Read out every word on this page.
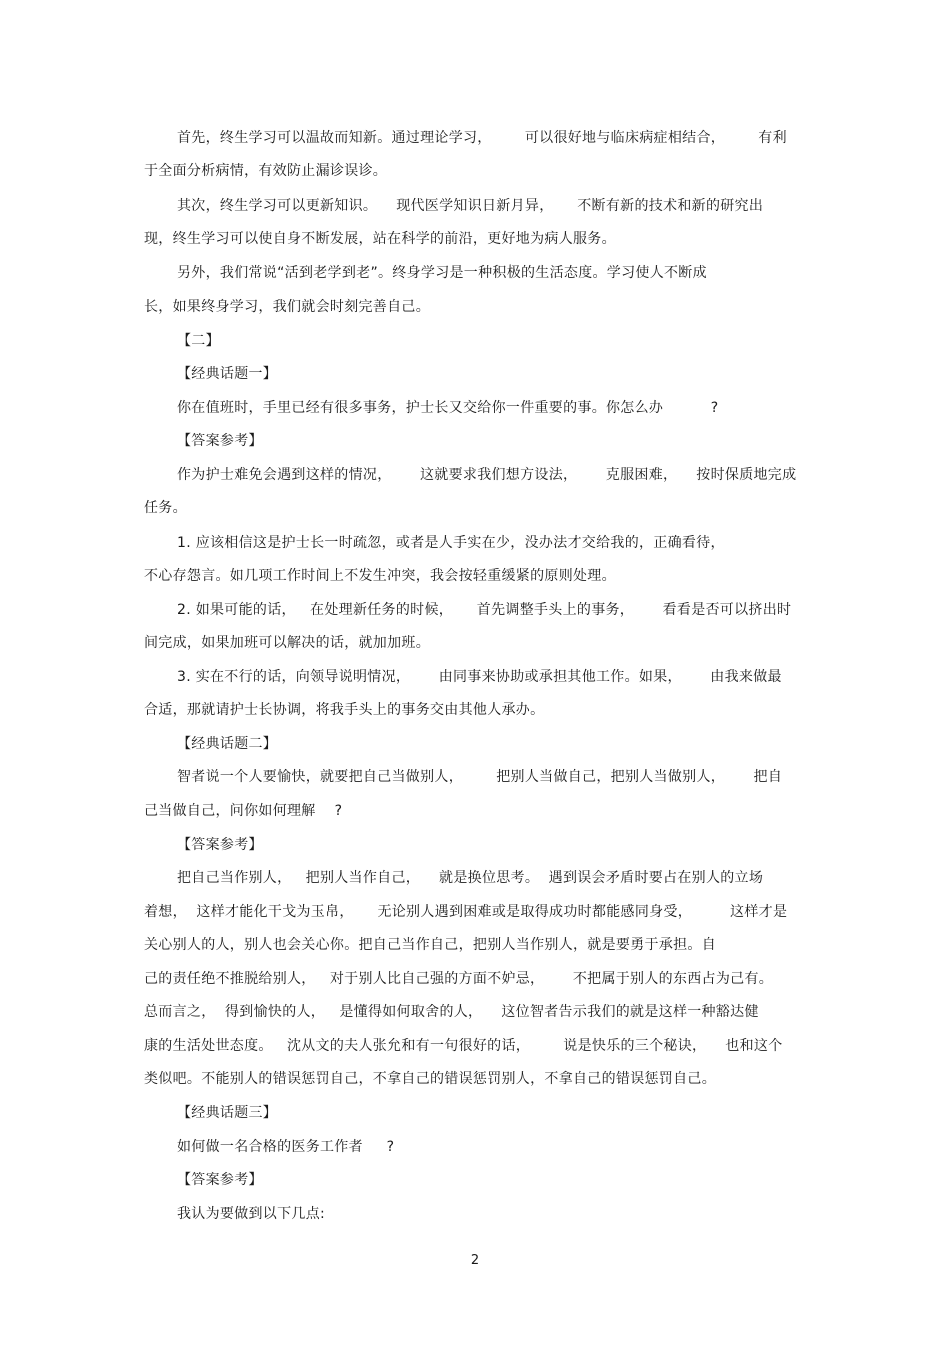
首先，终生学习可以温故而知新。通过理论学习，       可以很好地与临床病症相结合，       有利
于全面分析病情，有效防止漏诊误诊。
其次，终生学习可以更新知识。    现代医学知识日新月异，     不断有新的技术和新的研究出
现，终生学习可以使自身不断发展，站在科学的前沿，更好地为病人服务。
另外，我们常说“活到老学到老”。终身学习是一种积极的生活态度。学习使人不断成
长，如果终身学习，我们就会时刻完善自己。
【二】
【经典话题一】
你在值班时，手里已经有很多事务，护士长又交给你一件重要的事。你怎么办          ?
【答案参考】
作为护士难免会遇到这样的情况，      这就要求我们想方设法，      克服困难，    按时保质地完成
任务。
1. 应该相信这是护士长一时疏忽，或者是人手实在少，没办法才交给我的，正确看待，
不心存怨言。如几项工作时间上不发生冲突，我会按轻重缓紧的原则处理。
2. 如果可能的话，   在处理新任务的时候，     首先调整手头上的事务，      看看是否可以挤出时
间完成，如果加班可以解决的话，就加加班。
3. 实在不行的话，向领导说明情况，      由同事来协助或承担其他工作。如果，      由我来做最
合适，那就请护士长协调，将我手头上的事务交由其他人承办。
【经典话题二】
智者说一个人要愉快，就要把自己当做别人，       把别人当做自己，把别人当做别人，      把自
己当做自己，问你如何理解    ?
【答案参考】
把自己当作别人，   把别人当作自己，    就是换位思考。  遇到误会矛盾时要占在别人的立场
着想，  这样才能化干戈为玉帛，     无论别人遇到困难或是取得成功时都能感同身受，        这样才是
关心别人的人，别人也会关心你。把自己当作自己，把别人当作别人，就是要勇于承担。自
己的责任绝不推脱给别人，   对于别人比自己强的方面不妒忌，      不把属于别人的东西占为己有。
总而言之，  得到愉快的人，   是懂得如何取舍的人，    这位智者告示我们的就是这样一种豁达健
康的生活处世态度。   沈从文的夫人张允和有一句很好的话，       说是快乐的三个秘诀，    也和这个
类似吧。不能别人的错误惩罚自己，不拿自己的错误惩罚别人，不拿自己的错误惩罚自己。
【经典话题三】
如何做一名合格的医务工作者     ?
【答案参考】
我认为要做到以下几点:
2
